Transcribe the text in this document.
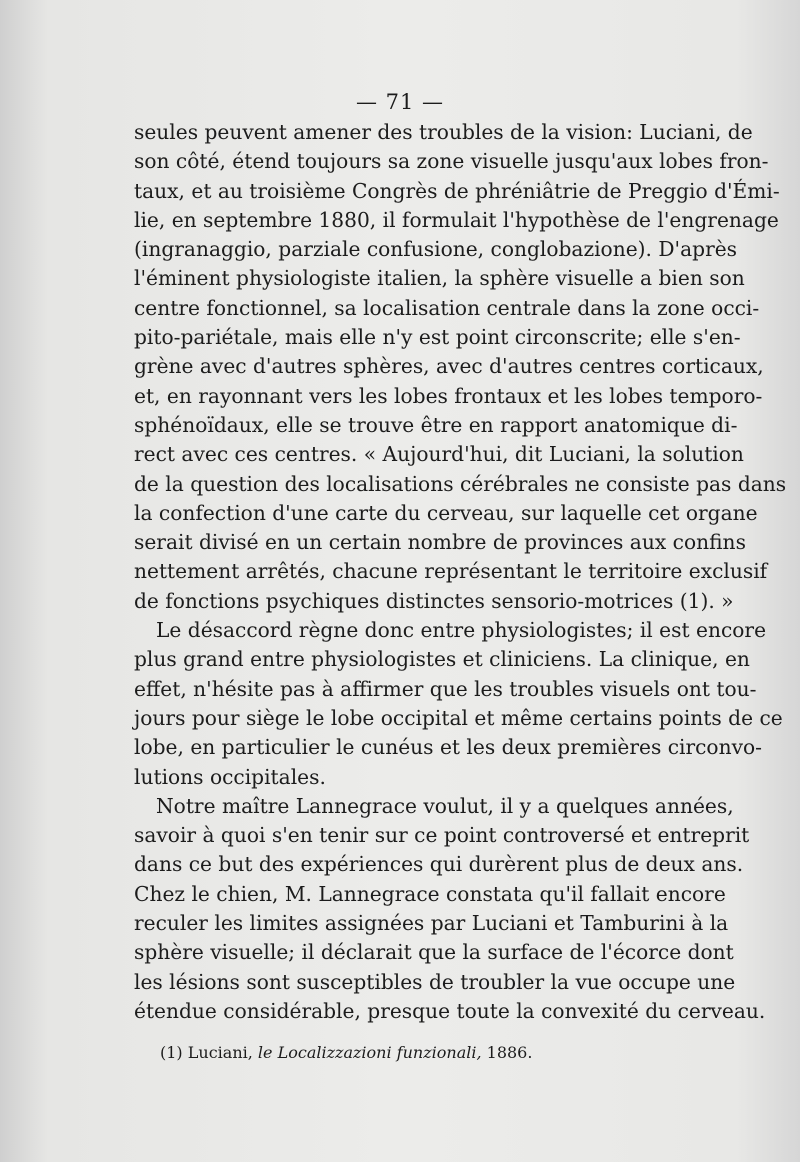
— 71 —
seules peuvent amener des troubles de la vision: Luciani, de
son côté, étend toujours sa zone visuelle jusqu'aux lobes fron-
taux, et au troisième Congrès de phréniâtrie de Preggio d'Émi-
lie, en septembre 1880, il formulait l'hypothèse de l'engrenage
(ingranaggio, parziale confusione, conglobazione). D'après
l'éminent physiologiste italien, la sphère visuelle a bien son
centre fonctionnel, sa localisation centrale dans la zone occi-
pito-pariétale, mais elle n'y est point circonscrite; elle s'en-
grène avec d'autres sphères, avec d'autres centres corticaux,
et, en rayonnant vers les lobes frontaux et les lobes temporo-
sphénoïdaux, elle se trouve être en rapport anatomique di-
rect avec ces centres. « Aujourd'hui, dit Luciani, la solution
de la question des localisations cérébrales ne consiste pas dans
la confection d'une carte du cerveau, sur laquelle cet organe
serait divisé en un certain nombre de provinces aux confins
nettement arrêtés, chacune représentant le territoire exclusif
de fonctions psychiques distinctes sensorio-motrices (1). »
Le désaccord règne donc entre physiologistes; il est encore
plus grand entre physiologistes et cliniciens. La clinique, en
effet, n'hésite pas à affirmer que les troubles visuels ont tou-
jours pour siège le lobe occipital et même certains points de ce
lobe, en particulier le cunéus et les deux premières circonvo-
lutions occipitales.
Notre maître Lannegrace voulut, il y a quelques années,
savoir à quoi s'en tenir sur ce point controversé et entreprit
dans ce but des expériences qui durèrent plus de deux ans.
Chez le chien, M. Lannegrace constata qu'il fallait encore
reculer les limites assignées par Luciani et Tamburini à la
sphère visuelle; il déclarait que la surface de l'écorce dont
les lésions sont susceptibles de troubler la vue occupe une
étendue considérable, presque toute la convexité du cerveau.
(1) Luciani, le Localizzazioni funzionali, 1886.
